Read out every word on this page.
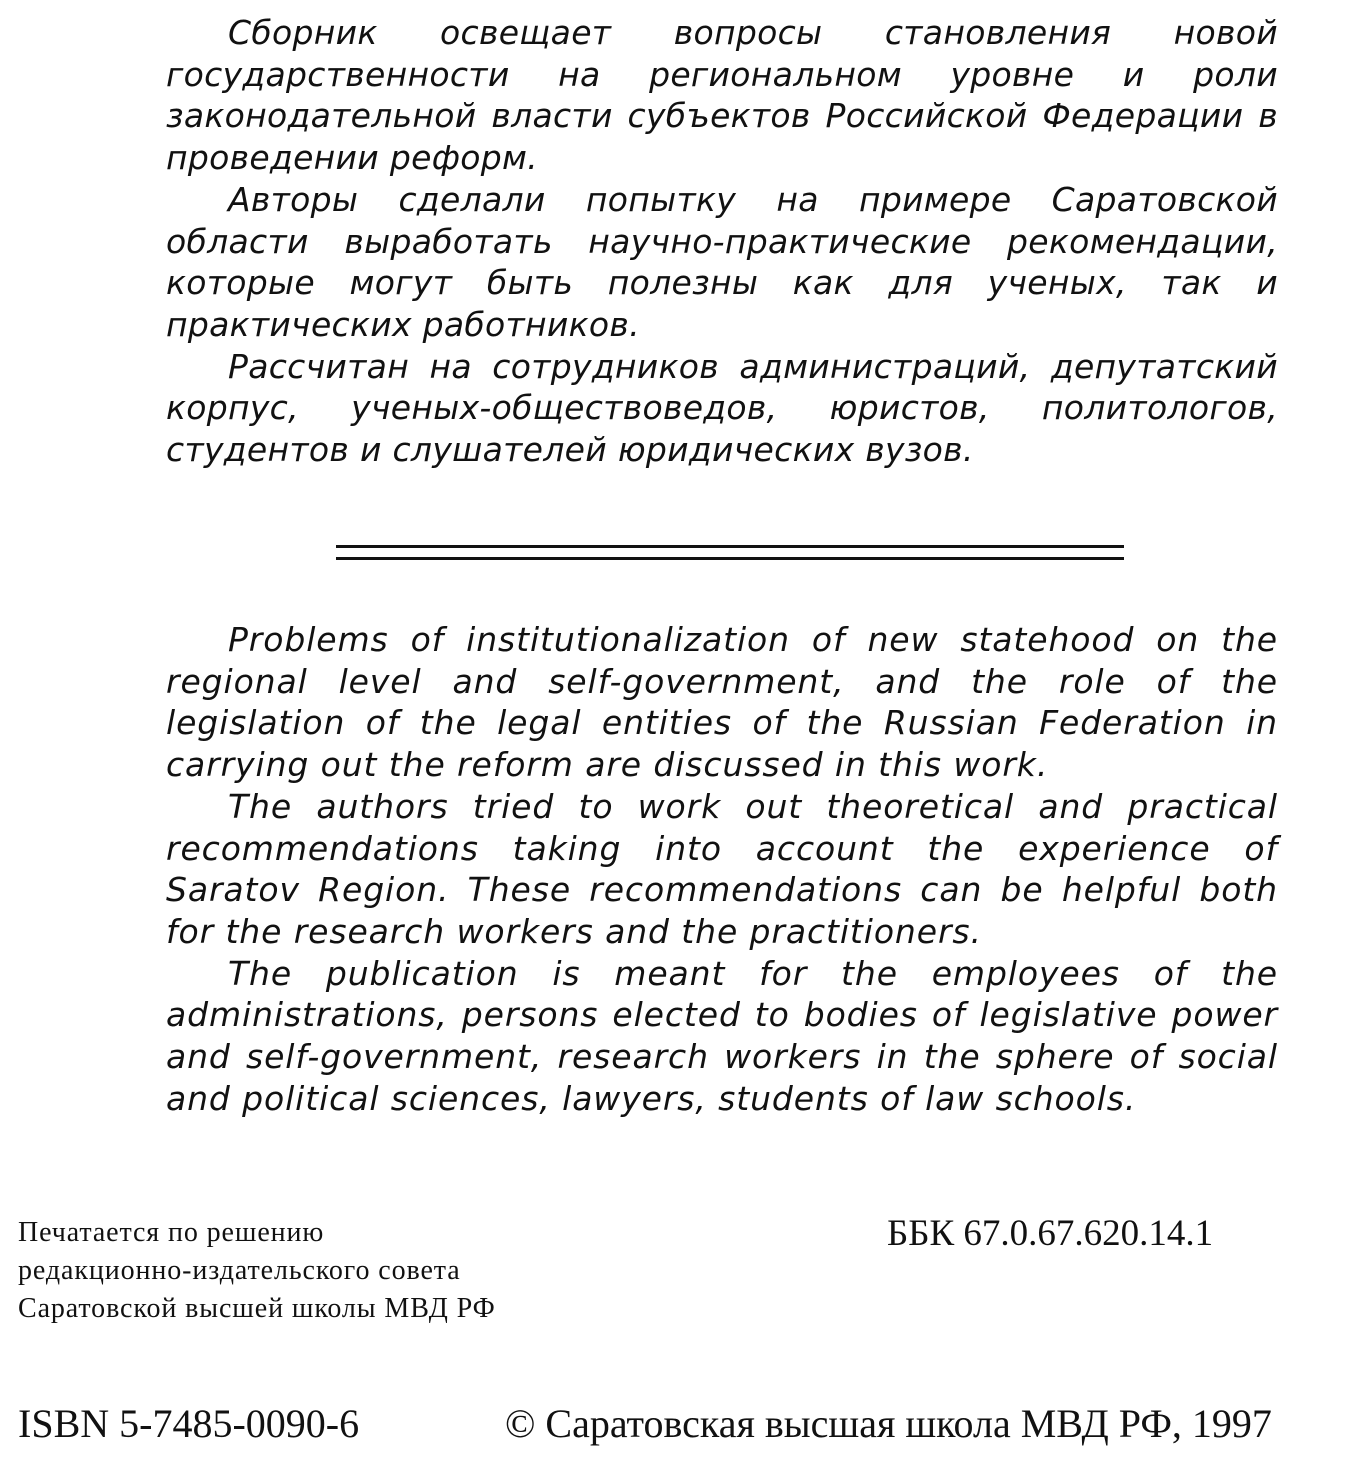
Сборник освещает вопросы становления новой государственности на региональном уровне и роли законодательной власти субъектов Российской Федерации в проведении реформ.

Авторы сделали попытку на примере Саратовской области выработать научно-практические рекомендации, которые могут быть полезны как для ученых, так и практических работников.

Рассчитан на сотрудников администраций, депутатский корпус, ученых-обществоведов, юристов, политологов, студентов и слушателей юридических вузов.

Problems of institutionalization of new statehood on the regional level and self-government, and the role of the legislation of the legal entities of the Russian Federation in carrying out the reform are discussed in this work.

The authors tried to work out theoretical and practical recommendations taking into account the experience of Saratov Region. These recommendations can be helpful both for the research workers and the practitioners.

The publication is meant for the employees of the administrations, persons elected to bodies of legislative power and self-government, research workers in the sphere of social and political sciences, lawyers, students of law schools.

Печатается по решению
редакционно-издательского совета
Саратовской высшей школы МВД РФ
ББК 67.0.67.620.14.1
ISBN 5-7485-0090-6	© Саратовская высшая школа МВД РФ, 1997
